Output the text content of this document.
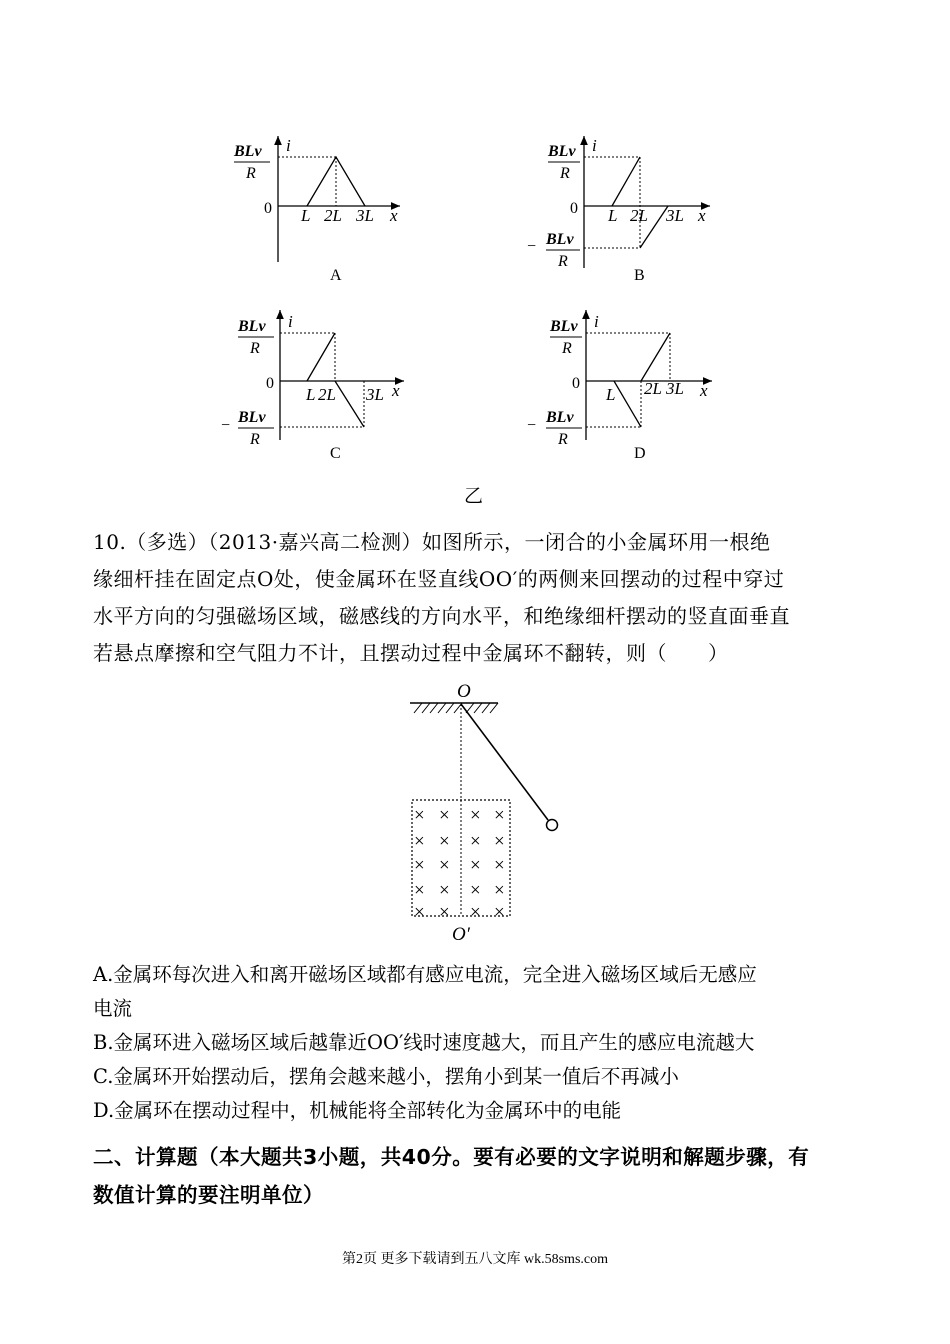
i
BLv
R
0 L 2L 3L x
A
i
BLv
R
0 L 2L 3L x
− BLv
R
B
i
BLv
R
0
L 2L 3L x
− BLv
R
C
i
BLv
R
0
L 2L 3L x
− BLv
R
D
乙
10.（多选）（2013·嘉兴高二检测）如图所示，一闭合的小金属环用一根绝
缘细杆挂在固定点O处，使金属环在竖直线OO′的两侧来回摆动的过程中穿过
水平方向的匀强磁场区域，磁感线的方向水平，和绝缘细杆摆动的竖直面垂直
若悬点摩擦和空气阻力不计，且摆动过程中金属环不翻转，则（　　）
O
× × × ×
× × × ×
× × × ×
× × × ×
× × × ×
O′
A.金属环每次进入和离开磁场区域都有感应电流，完全进入磁场区域后无感应
电流
B.金属环进入磁场区域后越靠近OO′线时速度越大，而且产生的感应电流越大
C.金属环开始摆动后，摆角会越来越小，摆角小到某一值后不再减小
D.金属环在摆动过程中，机械能将全部转化为金属环中的电能
二、计算题（本大题共3小题，共40分。要有必要的文字说明和解题步骤，有
数值计算的要注明单位）
第2页 更多下载请到五八文库 wk.58sms.com
